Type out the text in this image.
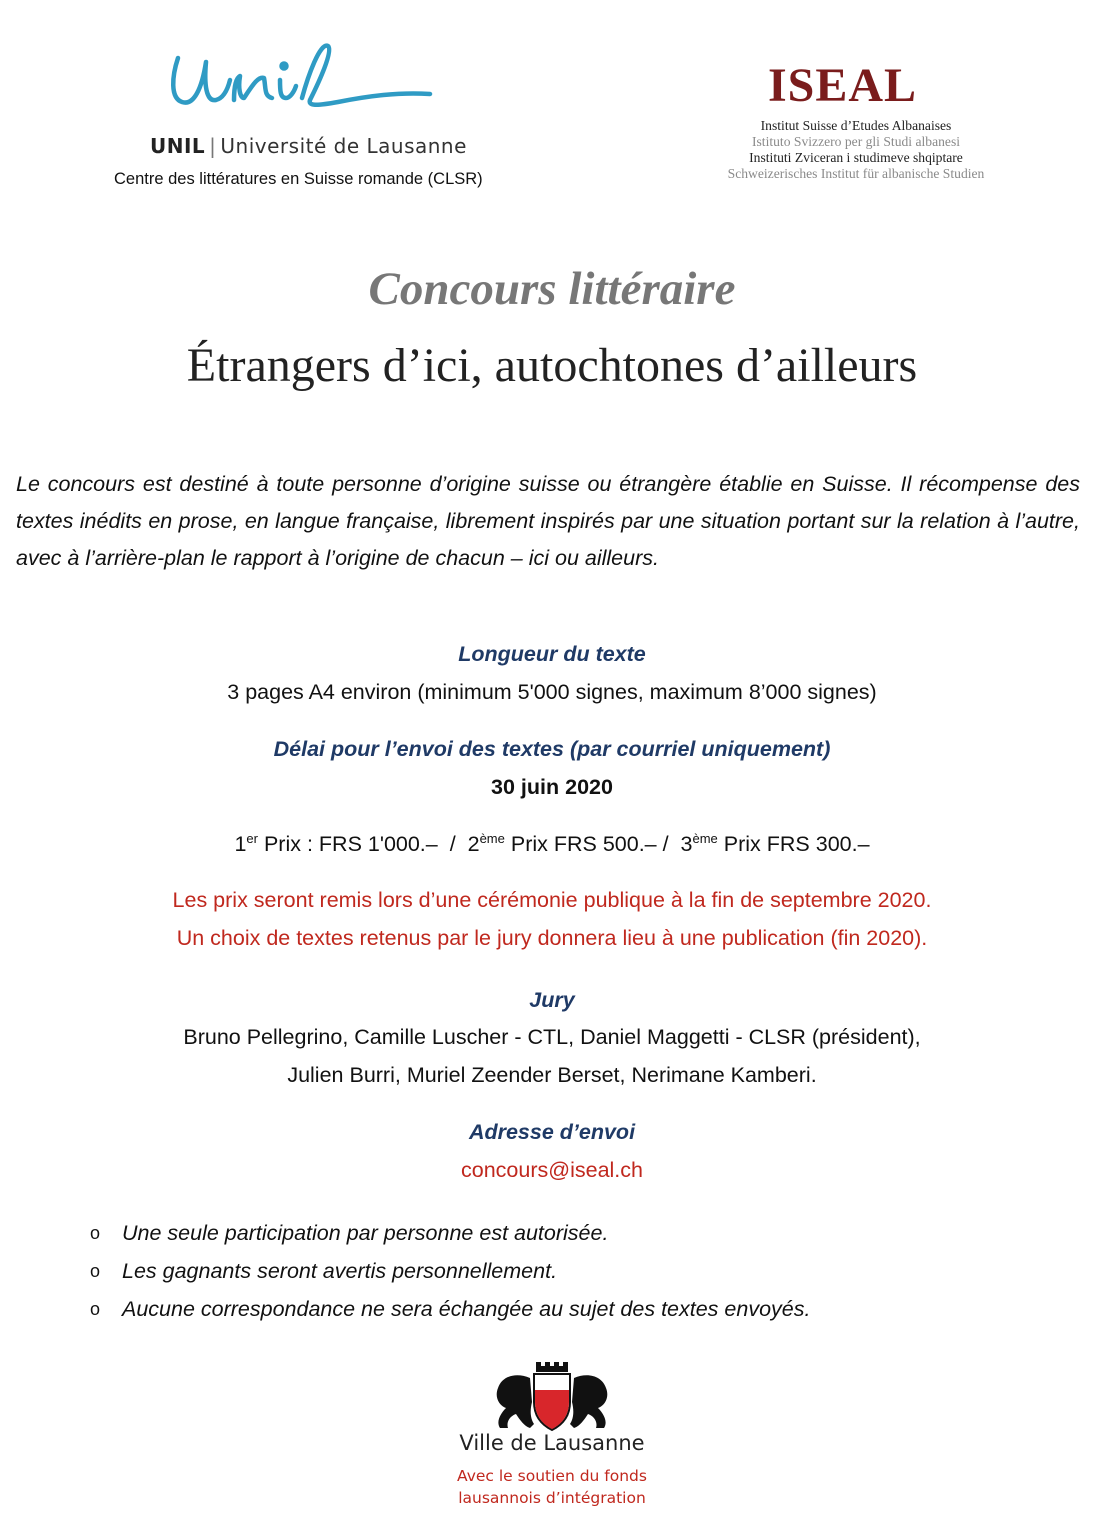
UNIL | Université de Lausanne
Centre des littératures en Suisse romande (CLSR)
ISEAL
Institut Suisse d’Etudes Albanaises
Istituto Svizzero per gli Studi albanesi
Instituti Zviceran i studimeve shqiptare
Schweizerisches Institut für albanische Studien
Concours littéraire
Étrangers d’ici, autochtones d’ailleurs
Le concours est destiné à toute personne d’origine suisse ou étrangère établie en Suisse. Il récompense des textes inédits en prose, en langue française, librement inspirés par une situation portant sur la relation à l’autre, avec à l’arrière-plan le rapport à l’origine de chacun – ici ou ailleurs.
Longueur du texte
3 pages A4 environ (minimum 5'000 signes, maximum 8’000 signes)
Délai pour l’envoi des textes (par courriel uniquement)
30 juin 2020
1er Prix : FRS 1'000.–  /  2ème Prix FRS 500.– /  3ème Prix FRS 300.–
Les prix seront remis lors d’une cérémonie publique à la fin de septembre 2020.
Un choix de textes retenus par le jury donnera lieu à une publication (fin 2020).
Jury
Bruno Pellegrino, Camille Luscher - CTL, Daniel Maggetti - CLSR (président),
Julien Burri, Muriel Zeender Berset, Nerimane Kamberi.
Adresse d’envoi
concours@iseal.ch
o Une seule participation par personne est autorisée.
o Les gagnants seront avertis personnellement.
o Aucune correspondance ne sera échangée au sujet des textes envoyés.
Ville de Lausanne
Avec le soutien du fonds
lausannois d’intégration
